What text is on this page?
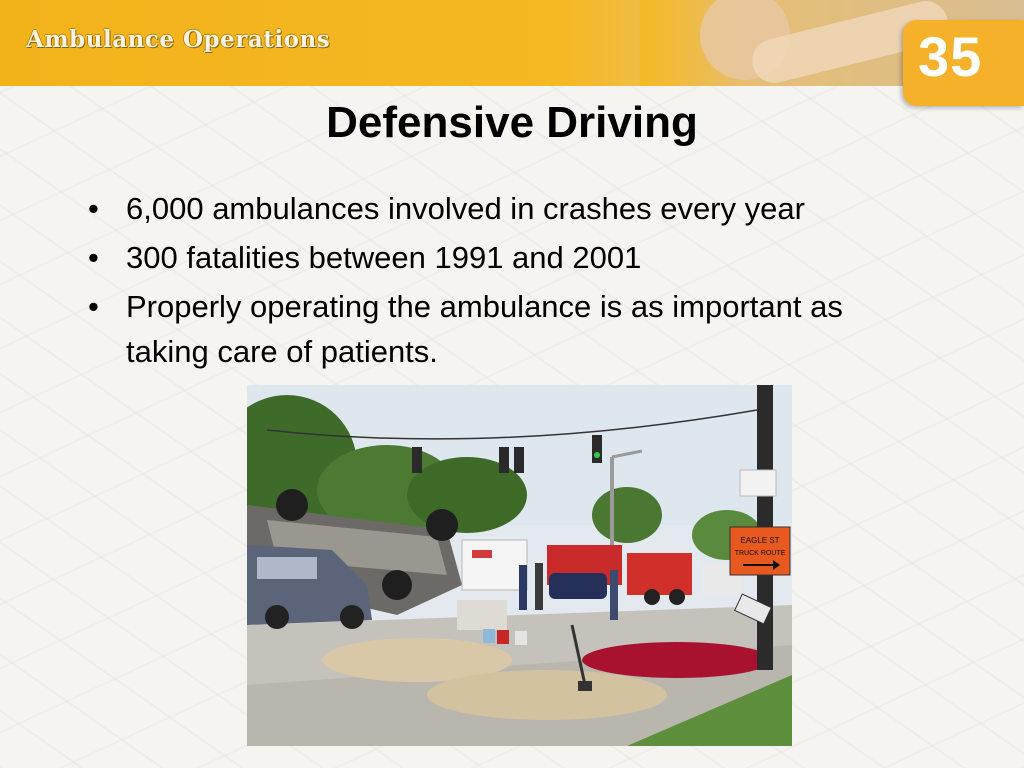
Ambulance Operations	35
Defensive Driving
• 6,000 ambulances involved in crashes every year
• 300 fatalities between 1991 and 2001
• Properly operating the ambulance is as important as taking care of patients.
EAGLE ST
TRUCK ROUTE
